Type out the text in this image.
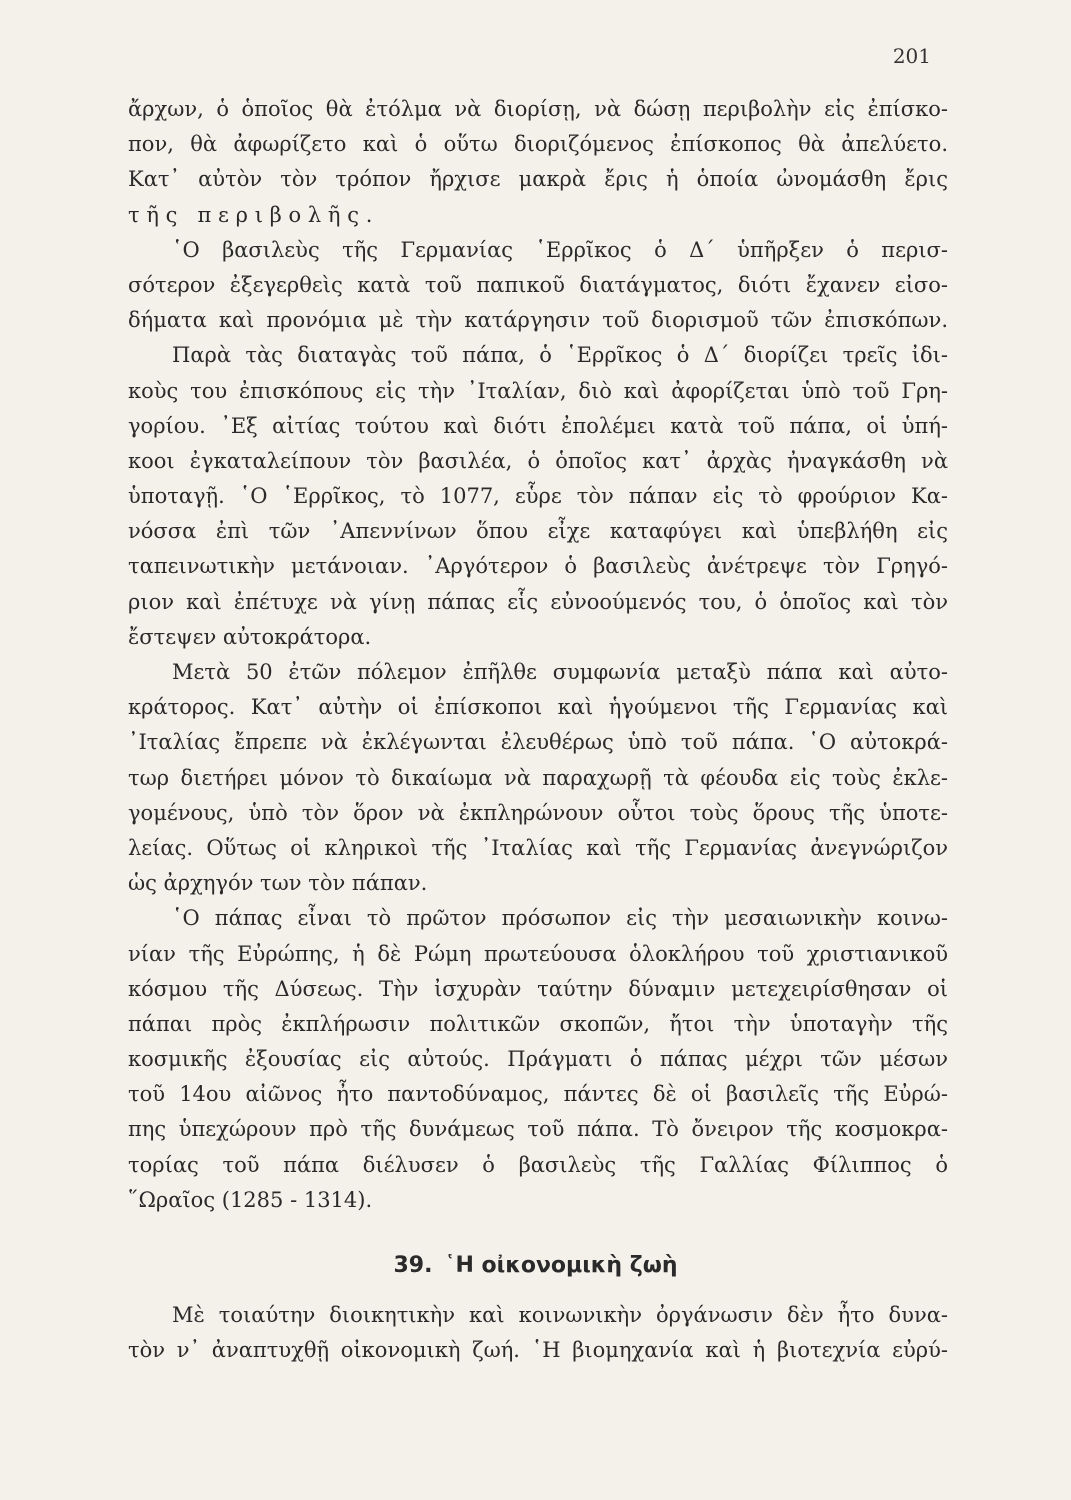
201
ἄρχων, ὁ ὁποῖος θὰ ἐτόλμα νὰ διορίσῃ, νὰ δώσῃ περιβολὴν εἰς ἐπίσκο-
πον, θὰ ἀφωρίζετο καὶ ὁ οὕτω διοριζόμενος ἐπίσκοπος θὰ ἀπελύετο.
Κατ᾿ αὐτὸν τὸν τρόπον ἤρχισε μακρὰ ἔρις ἡ ὁποία ὠνομάσθη ἔρις
τῆς περιβολῆς.
῾Ο βασιλεὺς τῆς Γερμανίας ῾Ερρῖκος ὁ Δ´ ὑπῆρξεν ὁ περισ-
σότερον ἐξεγερθεὶς κατὰ τοῦ παπικοῦ διατάγματος, διότι ἔχανεν εἰσο-
δήματα καὶ προνόμια μὲ τὴν κατάργησιν τοῦ διορισμοῦ τῶν ἐπισκόπων.
Παρὰ τὰς διαταγὰς τοῦ πάπα, ὁ ῾Ερρῖκος ὁ Δ´ διορίζει τρεῖς ἰδι-
κοὺς του ἐπισκόπους εἰς τὴν ᾿Ιταλίαν, διὸ καὶ ἀφορίζεται ὑπὸ τοῦ Γρη-
γορίου. ᾿Εξ αἰτίας τούτου καὶ διότι ἐπολέμει κατὰ τοῦ πάπα, οἱ ὑπή-
κοοι ἐγκαταλείπουν τὸν βασιλέα, ὁ ὁποῖος κατ᾿ ἀρχὰς ἠναγκάσθη νὰ
ὑποταγῇ. ῾Ο ῾Ερρῖκος, τὸ 1077, εὗρε τὸν πάπαν εἰς τὸ φρούριον Κα-
νόσσα ἐπὶ τῶν ᾿Απεννίνων ὅπου εἶχε καταφύγει καὶ ὑπεβλήθη εἰς
ταπεινωτικὴν μετάνοιαν. ᾿Αργότερον ὁ βασιλεὺς ἀνέτρεψε τὸν Γρηγό-
ριον καὶ ἐπέτυχε νὰ γίνῃ πάπας εἷς εὐνοούμενός του, ὁ ὁποῖος καὶ τὸν
ἔστεψεν αὐτοκράτορα.
Μετὰ 50 ἐτῶν πόλεμον ἐπῆλθε συμφωνία μεταξὺ πάπα καὶ αὐτο-
κράτορος. Κατ᾿ αὐτὴν οἱ ἐπίσκοποι καὶ ἡγούμενοι τῆς Γερμανίας καὶ
᾿Ιταλίας ἔπρεπε νὰ ἐκλέγωνται ἐλευθέρως ὑπὸ τοῦ πάπα. ῾Ο αὐτοκρά-
τωρ διετήρει μόνον τὸ δικαίωμα νὰ παραχωρῇ τὰ φέουδα εἰς τοὺς ἐκλε-
γομένους, ὑπὸ τὸν ὅρον νὰ ἐκπληρώνουν οὗτοι τοὺς ὅρους τῆς ὑποτε-
λείας. Οὕτως οἱ κληρικοὶ τῆς ᾿Ιταλίας καὶ τῆς Γερμανίας ἀνεγνώριζον
ὡς ἀρχηγόν των τὸν πάπαν.
῾Ο πάπας εἶναι τὸ πρῶτον πρόσωπον εἰς τὴν μεσαιωνικὴν κοινω-
νίαν τῆς Εὐρώπης, ἡ δὲ Ρώμη πρωτεύουσα ὁλοκλήρου τοῦ χριστιανικοῦ
κόσμου τῆς Δύσεως. Τὴν ἰσχυρὰν ταύτην δύναμιν μετεχειρίσθησαν οἱ
πάπαι πρὸς ἐκπλήρωσιν πολιτικῶν σκοπῶν, ἤτοι τὴν ὑποταγὴν τῆς
κοσμικῆς ἐξουσίας εἰς αὐτούς. Πράγματι ὁ πάπας μέχρι τῶν μέσων
τοῦ 14ου αἰῶνος ἦτο παντοδύναμος, πάντες δὲ οἱ βασιλεῖς τῆς Εὐρώ-
πης ὑπεχώρουν πρὸ τῆς δυνάμεως τοῦ πάπα. Τὸ ὄνειρον τῆς κοσμοκρα-
τορίας τοῦ πάπα διέλυσεν ὁ βασιλεὺς τῆς Γαλλίας Φίλιππος ὁ
῞Ωραῖος (1285 - 1314).
39. ῾Η οἰκονομικὴ ζωὴ
Μὲ τοιαύτην διοικητικὴν καὶ κοινωνικὴν ὀργάνωσιν δὲν ἦτο δυνα-
τὸν ν᾿ ἀναπτυχθῇ οἰκονομικὴ ζωή. ῾Η βιομηχανία καὶ ἡ βιοτεχνία εὐρύ-
